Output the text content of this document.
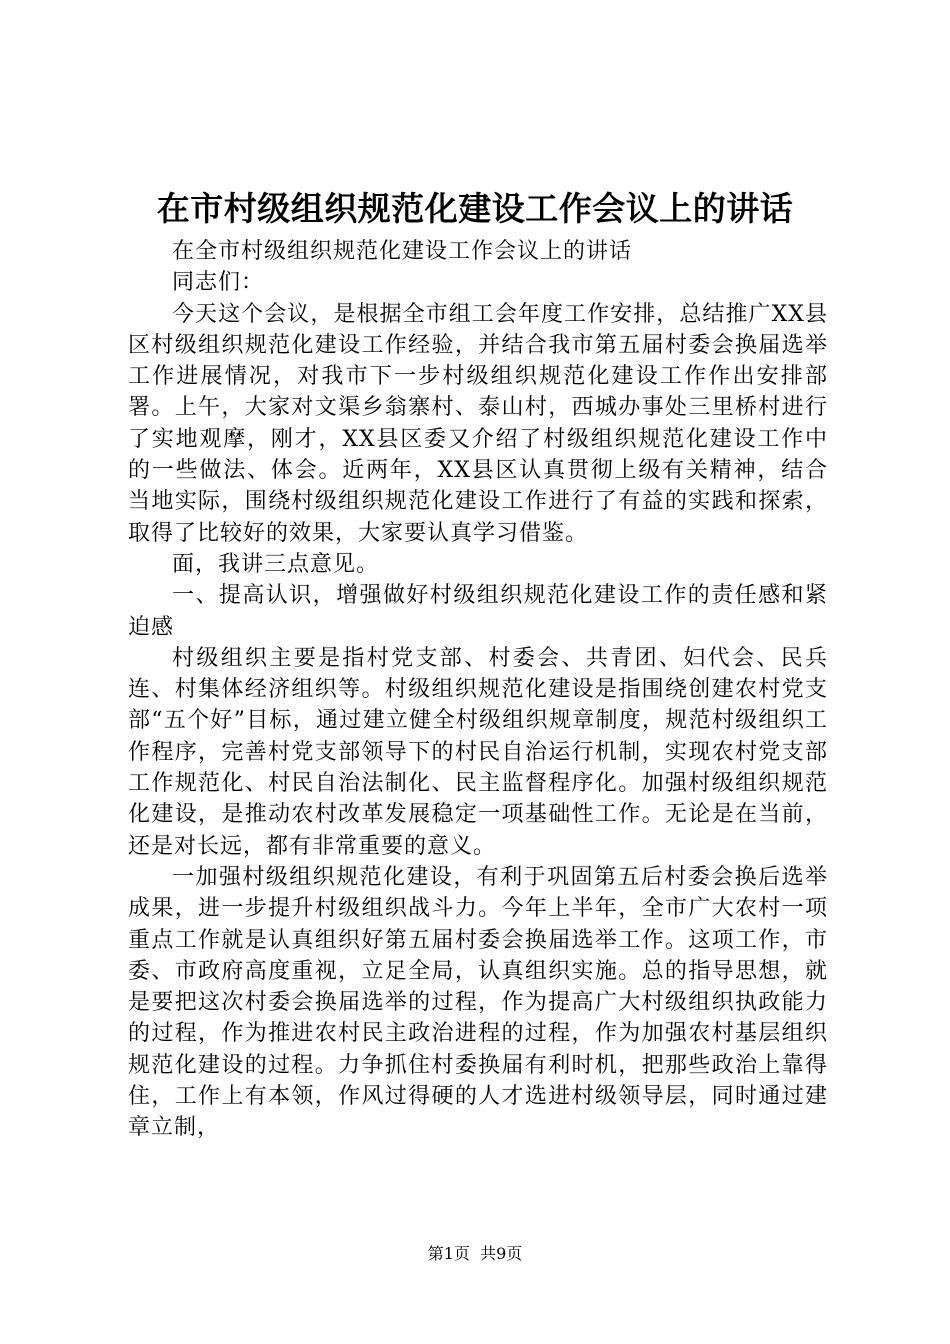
在市村级组织规范化建设工作会议上的讲话

在全市村级组织规范化建设工作会议上的讲话

同志们：

今天这个会议，是根据全市组工会年度工作安排，总结推广XX县区村级组织规范化建设工作经验，并结合我市第五届村委会换届选举工作进展情况，对我市下一步村级组织规范化建设工作作出安排部署。上午，大家对文渠乡翁寨村、泰山村，西城办事处三里桥村进行了实地观摩，刚才，XX县区委又介绍了村级组织规范化建设工作中的一些做法、体会。近两年，XX县区认真贯彻上级有关精神，结合当地实际，围绕村级组织规范化建设工作进行了有益的实践和探索，取得了比较好的效果，大家要认真学习借鉴。

面，我讲三点意见。

一、提高认识，增强做好村级组织规范化建设工作的责任感和紧迫感

村级组织主要是指村党支部、村委会、共青团、妇代会、民兵连、村集体经济组织等。村级组织规范化建设是指围绕创建农村党支部“五个好”目标，通过建立健全村级组织规章制度，规范村级组织工作程序，完善村党支部领导下的村民自治运行机制，实现农村党支部工作规范化、村民自治法制化、民主监督程序化。加强村级组织规范化建设，是推动农村改革发展稳定一项基础性工作。无论是在当前，还是对长远，都有非常重要的意义。

一加强村级组织规范化建设，有利于巩固第五后村委会换后选举成果，进一步提升村级组织战斗力。今年上半年，全市广大农村一项重点工作就是认真组织好第五届村委会换届选举工作。这项工作，市委、市政府高度重视，立足全局，认真组织实施。总的指导思想，就是要把这次村委会换届选举的过程，作为提高广大村级组织执政能力的过程，作为推进农村民主政治进程的过程，作为加强农村基层组织规范化建设的过程。力争抓住村委换届有利时机，把那些政治上靠得住，工作上有本领，作风过得硬的人才选进村级领导层，同时通过建章立制，

第1页 共9页
